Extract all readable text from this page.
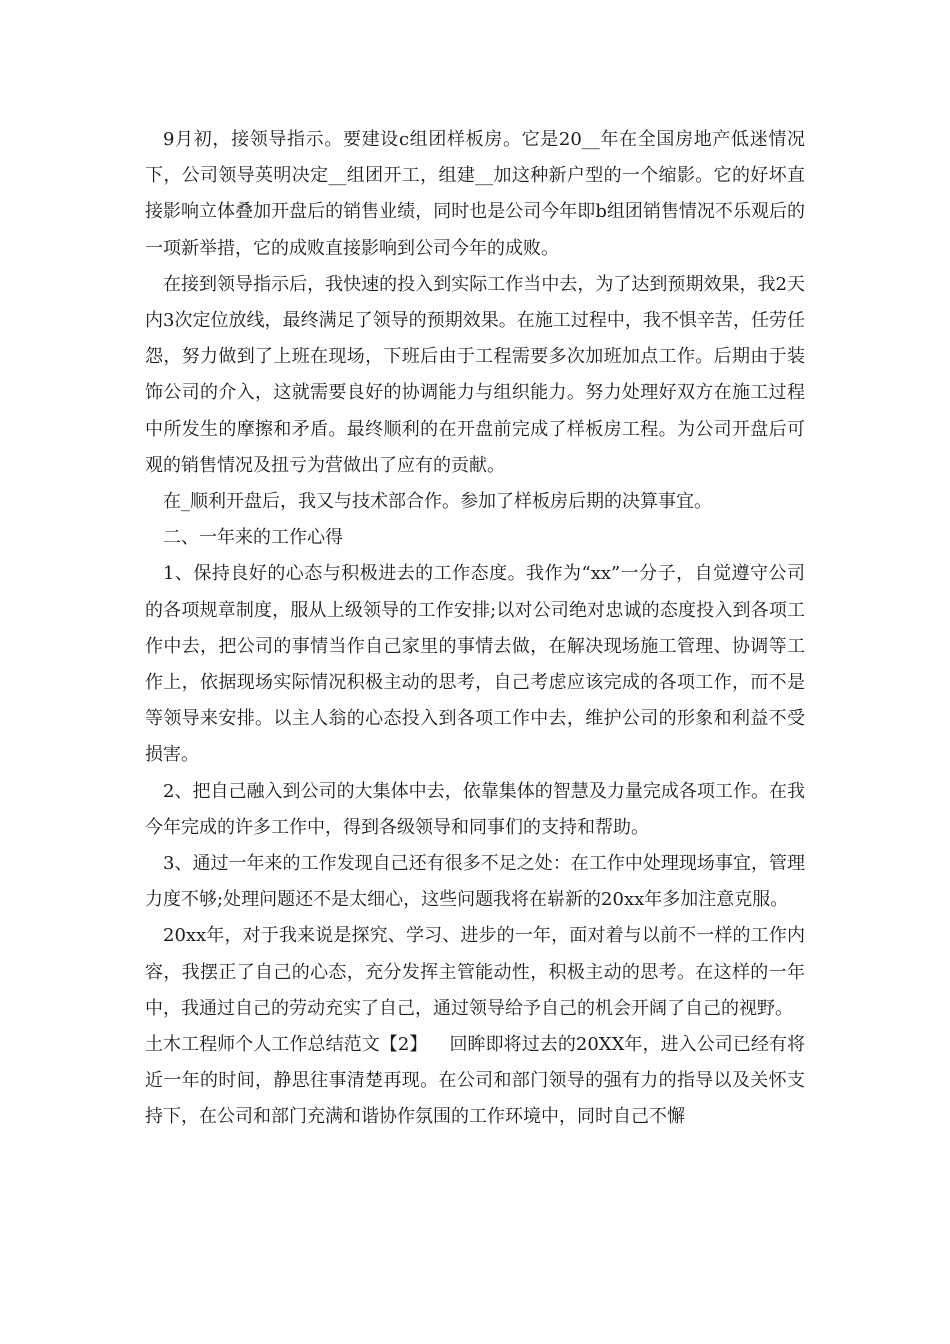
9月初，接领导指示。要建设c组团样板房。它是20__年在全国房地产低迷情况下，公司领导英明决定__组团开工，组建__加这种新户型的一个缩影。它的好坏直接影响立体叠加开盘后的销售业绩，同时也是公司今年即b组团销售情况不乐观后的一项新举措，它的成败直接影响到公司今年的成败。

在接到领导指示后，我快速的投入到实际工作当中去，为了达到预期效果，我2天内3次定位放线，最终满足了领导的预期效果。在施工过程中，我不惧辛苦，任劳任怨，努力做到了上班在现场，下班后由于工程需要多次加班加点工作。后期由于装饰公司的介入，这就需要良好的协调能力与组织能力。努力处理好双方在施工过程中所发生的摩擦和矛盾。最终顺利的在开盘前完成了样板房工程。为公司开盘后可观的销售情况及扭亏为营做出了应有的贡献。

在_顺利开盘后，我又与技术部合作。参加了样板房后期的决算事宜。

二、一年来的工作心得

1、保持良好的心态与积极进去的工作态度。我作为“xx”一分子，自觉遵守公司的各项规章制度，服从上级领导的工作安排;以对公司绝对忠诚的态度投入到各项工作中去，把公司的事情当作自己家里的事情去做，在解决现场施工管理、协调等工作上，依据现场实际情况积极主动的思考，自己考虑应该完成的各项工作，而不是等领导来安排。以主人翁的心态投入到各项工作中去，维护公司的形象和利益不受损害。

2、把自己融入到公司的大集体中去，依靠集体的智慧及力量完成各项工作。在我今年完成的许多工作中，得到各级领导和同事们的支持和帮助。

3、通过一年来的工作发现自己还有很多不足之处：在工作中处理现场事宜，管理力度不够;处理问题还不是太细心，这些问题我将在崭新的20xx年多加注意克服。

20xx年，对于我来说是探究、学习、进步的一年，面对着与以前不一样的工作内容，我摆正了自己的心态，充分发挥主管能动性，积极主动的思考。在这样的一年中，我通过自己的劳动充实了自己，通过领导给予自己的机会开阔了自己的视野。

土木工程师个人工作总结范文【2】 回眸即将过去的20XX年，进入公司已经有将近一年的时间，静思往事清楚再现。在公司和部门领导的强有力的指导以及关怀支持下，在公司和部门充满和谐协作氛围的工作环境中，同时自己不懈
